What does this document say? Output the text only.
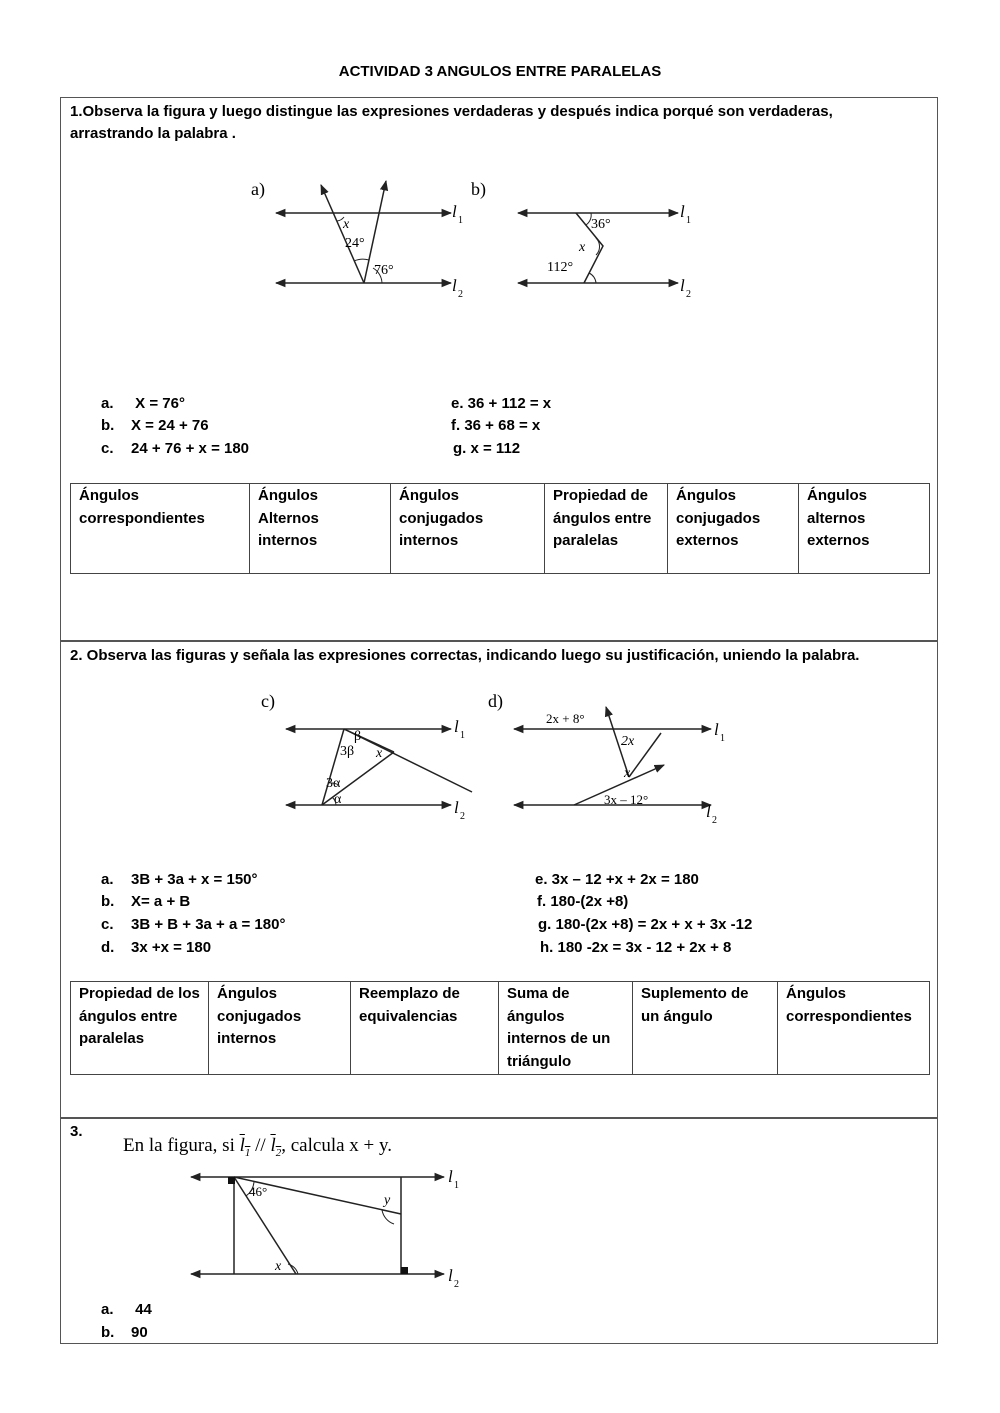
ACTIVIDAD 3 ANGULOS ENTRE PARALELAS
1.Observa la figura y luego distingue las expresiones verdaderas y después indica porqué son verdaderas, arrastrando la palabra .
a)
x
24°
76°
l 1
l 2
b)
36°
x
112°
l 1
l 2
a. X = 76°
b. X = 24 + 76
c. 24 + 76 + x = 180
e. 36 + 112 = x
f. 36 + 68 = x
g. x = 112
Ángulos correspondientes	Ángulos Alternos internos	Ángulos conjugados internos	Propiedad de ángulos entre paralelas	Ángulos conjugados externos	Ángulos alternos externos
2. Observa las figuras y señala las expresiones correctas, indicando luego su justificación, uniendo la palabra.
c)
β
3β x
3α
α
l 1
l 2
d)
2x + 8°
2x
x
3x – 12°
l 1
l 2
a. 3B + 3a + x = 150°
b. X= a + B
c. 3B + B + 3a + a = 180°
d. 3x +x = 180
e. 3x – 12 +x + 2x = 180
f. 180-(2x +8)
g. 180-(2x +8) = 2x + x + 3x -12
h. 180 -2x = 3x - 12 + 2x + 8
Propiedad de los ángulos entre paralelas	Ángulos conjugados internos	Reemplazo de equivalencias	Suma de ángulos internos de un triángulo	Suplemento de un ángulo	Ángulos correspondientes
3.
En la figura, si $l_1 // l_2$, calcula x + y.
46°
y
x
l 1
l 2
a. 44
b. 90
